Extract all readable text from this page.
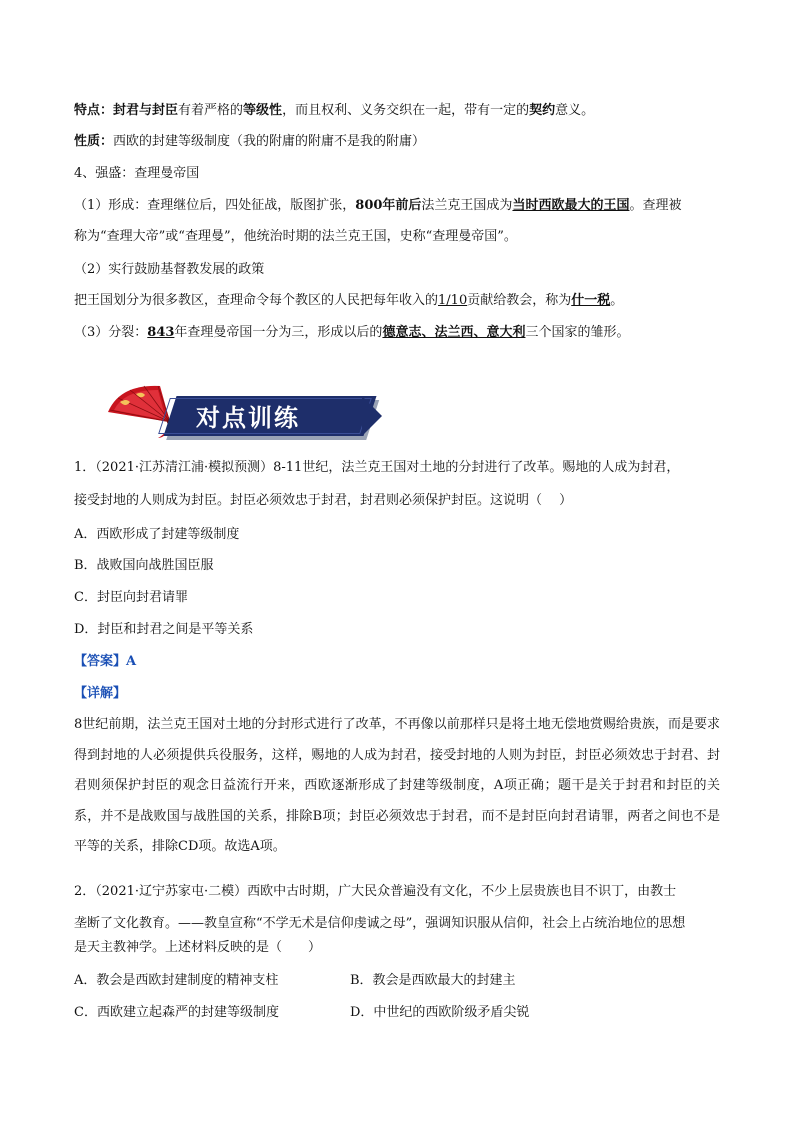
特点：封君与封臣有着严格的等级性，而且权利、义务交织在一起，带有一定的契约意义。
性质：西欧的封建等级制度（我的附庸的附庸不是我的附庸）
4、强盛：查理曼帝国
（1）形成：查理继位后，四处征战，版图扩张，800年前后法兰克王国成为当时西欧最大的王国。查理被
称为“查理大帝”或“查理曼”，他统治时期的法兰克王国，史称“查理曼帝国”。
（2）实行鼓励基督教发展的政策
把王国划分为很多教区，查理命令每个教区的人民把每年收入的1/10贡献给教会，称为什一税。
（3）分裂：843年查理曼帝国一分为三，形成以后的德意志、法兰西、意大利三个国家的雏形。
对点训练
1．（2021·江苏清江浦·模拟预测）8-11世纪，法兰克王国对土地的分封进行了改革。赐地的人成为封君，
接受封地的人则成为封臣。封臣必须效忠于封君，封君则必须保护封臣。这说明（　 ）
A．西欧形成了封建等级制度
B．战败国向战胜国臣服
C．封臣向封君请罪
D．封臣和封君之间是平等关系
【答案】A
【详解】
8世纪前期，法兰克王国对土地的分封形式进行了改革，不再像以前那样只是将土地无偿地赏赐给贵族，而是要求得到封地的人必须提供兵役服务，这样，赐地的人成为封君，接受封地的人则为封臣，封臣必须效忠于封君、封君则须保护封臣的观念日益流行开来，西欧逐渐形成了封建等级制度，A项正确；题干是关于封君和封臣的关系，并不是战败国与战胜国的关系，排除B项；封臣必须效忠于封君，而不是封臣向封君请罪，两者之间也不是平等的关系，排除CD项。故选A项。
2．（2021·辽宁苏家屯·二模）西欧中古时期，广大民众普遍没有文化，不少上层贵族也目不识丁，由教士
垄断了文化教育。——教皇宣称“不学无术是信仰虔诚之母”，强调知识服从信仰，社会上占统治地位的思想
是天主教神学。上述材料反映的是（　　）
A．教会是西欧封建制度的精神支柱	B．教会是西欧最大的封建主
C．西欧建立起森严的封建等级制度	D．中世纪的西欧阶级矛盾尖锐
